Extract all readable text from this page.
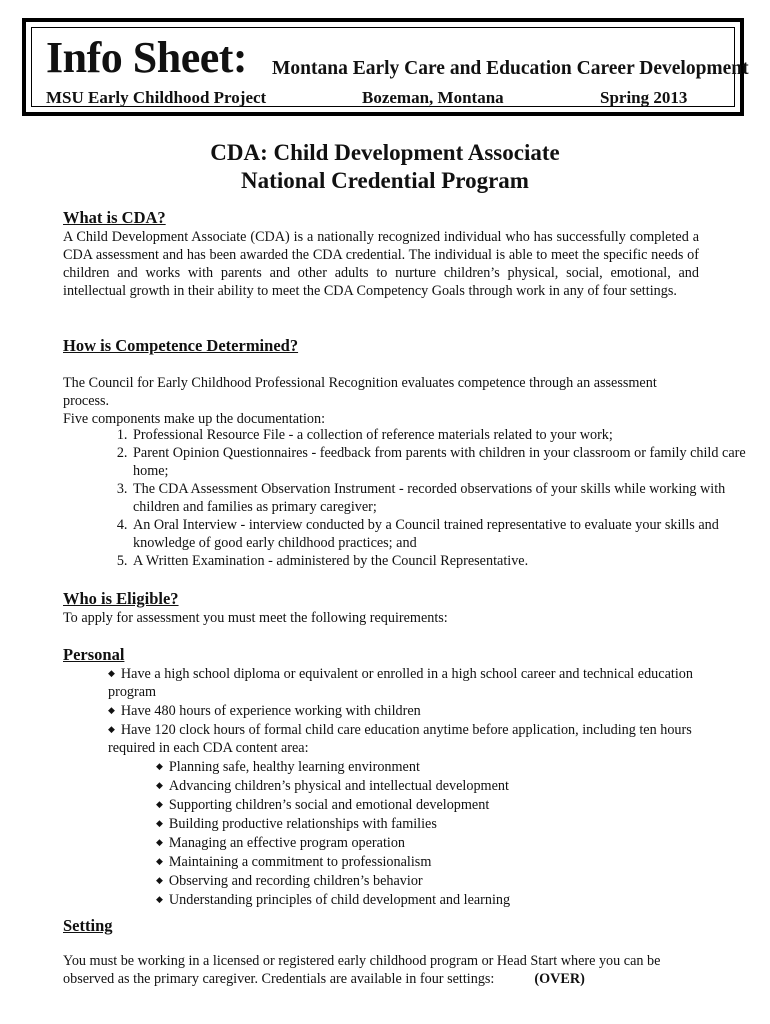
Info Sheet: Montana Early Care and Education Career Development
MSU Early Childhood Project	Bozeman, Montana	Spring 2013
CDA: Child Development Associate
National Credential Program
What is CDA?
A Child Development Associate (CDA) is a nationally recognized individual who has successfully completed a CDA assessment and has been awarded the CDA credential. The individual is able to meet the specific needs of children and works with parents and other adults to nurture children’s physical, social, emotional, and intellectual growth in their ability to meet the CDA Competency Goals through work in any of four settings.
How is Competence Determined?

The Council for Early Childhood Professional Recognition evaluates competence through an assessment process.

Five components make up the documentation:

1. Professional Resource File - a collection of reference materials related to your work;
2. Parent Opinion Questionnaires - feedback from parents with children in your classroom or family child care home;
3. The CDA Assessment Observation Instrument - recorded observations of your skills while working with children and families as primary caregiver;
4. An Oral Interview - interview conducted by a Council trained representative to evaluate your skills and knowledge of good early childhood practices; and
5. A Written Examination - administered by the Council Representative.
Who is Eligible?
To apply for assessment you must meet the following requirements:
Personal
◆ Have a high school diploma or equivalent or enrolled in a high school career and technical education program
◆ Have 480 hours of experience working with children
◆ Have 120 clock hours of formal child care education anytime before application, including ten hours required in each CDA content area:
◆ Planning safe, healthy learning environment
◆ Advancing children’s physical and intellectual development
◆ Supporting children’s social and emotional development
◆ Building productive relationships with families
◆ Managing an effective program operation
◆ Maintaining a commitment to professionalism
◆ Observing and recording children’s behavior
◆ Understanding principles of child development and learning
Setting
You must be working in a licensed or registered early childhood program or Head Start where you can be observed as the primary caregiver. Credentials are available in four settings:	(OVER)
